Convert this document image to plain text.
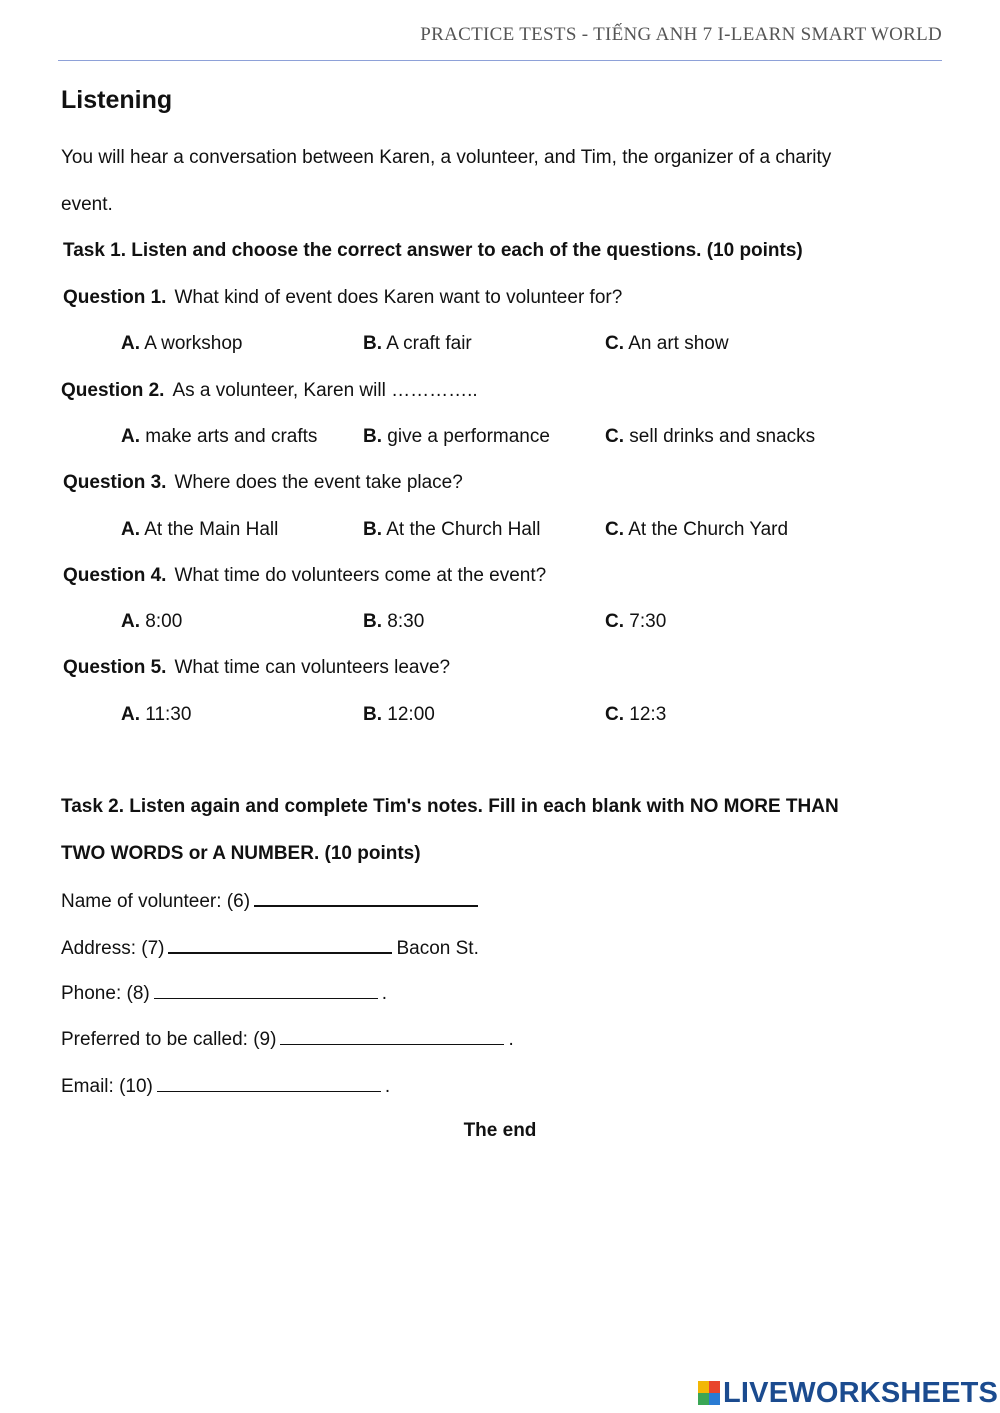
PRACTICE TESTS - TIẾNG ANH 7 I-LEARN SMART WORLD
Listening
You will hear a conversation between Karen, a volunteer, and Tim, the organizer of a charity
event.
Task 1. Listen and choose the correct answer to each of the questions. (10 points)
Question 1. What kind of event does Karen want to volunteer for?
A. A workshop	B. A craft fair	C. An art show
Question 2. As a volunteer, Karen will …………..
A. make arts and crafts B. give a performance	C. sell drinks and snacks
Question 3. Where does the event take place?
A. At the Main Hall	B. At the Church Hall	C. At the Church Yard
Question 4. What time do volunteers come at the event?
A. 8:00	B. 8:30	C. 7:30
Question 5. What time can volunteers leave?
A. 11:30	B. 12:00	C. 12:3
Task 2. Listen again and complete Tim's notes. Fill in each blank with NO MORE THAN
TWO WORDS or A NUMBER. (10 points)
Name of volunteer: (6)
Address: (7)	Bacon St.
Phone: (8)	.
Preferred to be called: (9)	.
Email: (10)	.
The end
LIVEWORKSHEETS
